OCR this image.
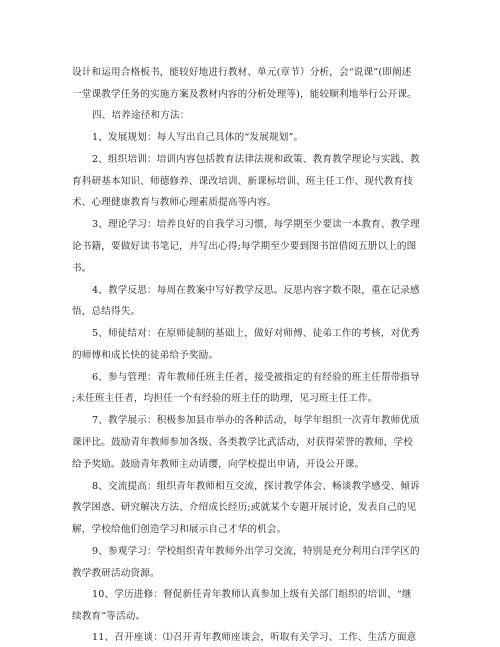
设计和运用合格板书，能较好地进行教材、单元(章节）分析，会“说课”(即阐述
一堂课教学任务的实施方案及教材内容的分析处理等)，能较顺利地举行公开课。
四、培养途径和方法：
1、发展规划：每人写出自己具体的“发展规划”。
2、组织培训：培训内容包括教育法律法规和政策、教育教学理论与实践、教
育科研基本知识、师德修养、课改培训、新课标培训、班主任工作、现代教育技
术、心理健康教育与教师心理素质提高等内容。
3、理论学习：培养良好的自我学习习惯，每学期至少要读一本教育、教学理
论书籍，要做好读书笔记，并写出心得;每学期至少要到图书馆借阅五册以上的图
书。
4、教学反思：每周在教案中写好教学反思。反思内容字数不限，重在记录感
悟，总结得失。
5、师徒结对：在原师徒制的基础上，做好对师傅、徒弟工作的考核，对优秀
的师傅和成长快的徒弟给予奖励。
6、参与管理：青年教师任班主任者，接受被指定的有经验的班主任帮带指导
;未任班主任者，均担任一个有经验的班主任的助理，见习班主任工作。
7、教学展示：积极参加县市举办的各种活动，每学年组织一次青年教师优质
课评比。鼓励青年教师参加各级、各类教学比武活动，对获得荣誉的教师，学校
给予奖励。鼓励青年教师主动请缨，向学校提出申请，开设公开课。
8、交流提高：组织青年教师相互交流，探讨教学体会、畅谈教学感受、倾诉
教学困惑、研究解决方法、介绍成长经历;或就某个专题开展讨论，发表自己的见
解，学校给他们创造学习和展示自己才华的机会。
9、参观学习：学校组织青年教师外出学习交流，特别是充分利用白洋学区的
教学教研活动资源。
10、学历进修：督促新任青年教师认真参加上级有关部门组织的培训、“继
续教育”等活动。
11、召开座谈：⑴召开青年教师座谈会，听取有关学习、工作、生活方面意
